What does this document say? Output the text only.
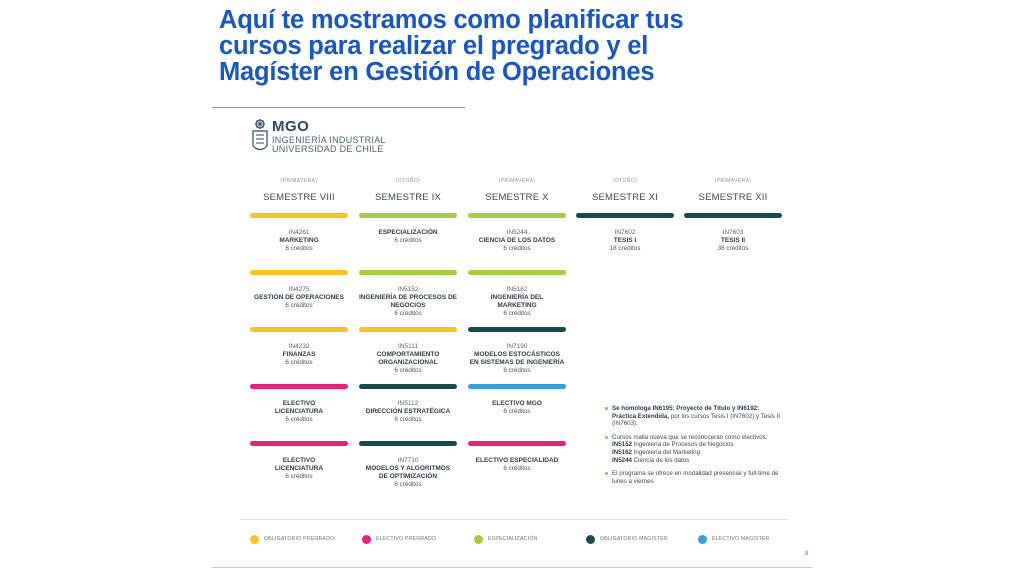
Aquí te mostramos como planificar tus
cursos para realizar el pregrado y el
Magíster en Gestión de Operaciones
MGO
INGENIERÍA INDUSTRIAL
UNIVERSIDAD DE CHILE
(PRIMAVERA)
SEMESTRE VIII
IN4261
MARKETING
6 créditos
IN4275
GESTIÓN DE OPERACIONES
6 créditos
IN4232
FINANZAS
6 créditos
ELECTIVO
LICENCIATURA
6 créditos
ELECTIVO
LICENCIATURA
6 créditos
(OTOÑO)
SEMESTRE IX
ESPECIALIZACIÓN
6 créditos
IN5152
INGENIERÍA DE PROCESOS DE
NEGOCIOS
6 créditos
IN5111
COMPORTAMIENTO
ORGANIZACIONAL
6 créditos
IN5112
DIRECCIÓN ESTRATÉGICA
6 créditos
IN7710
MODELOS Y ALGORITMOS
DE OPTIMIZACIÓN
6 créditos
(PRIMAVERA)
SEMESTRE X
IN5244
CIENCIA DE LOS DATOS
6 créditos
IN5162
INGENIERÍA DEL
MARKETING
6 créditos
IN7190
MODELOS ESTOCÁSTICOS
EN SISTEMAS DE INGENIERÍA
6 créditos
ELECTIVO MGO
6 créditos
ELECTIVO ESPECIALIDAD
6 créditos
(OTOÑO)
SEMESTRE XI
IN7602
TESIS I
18 créditos
(PRIMAVERA)
SEMESTRE XII
IN7603
TESIS II
36 créditos
Se homologa IN6195: Proyecto de Título y IN6192: Práctica Extendida, por los cursos Tesis I (IN7602) y Tesis II (IN7603).
Cursos malla nueva que se reconocerán como electivos:
IN5152 Ingeniería de Procesos de Negocios
IN5162 Ingeniería del Marketing
IN5244 Ciencia de los datos
El programa se ofrece en modalidad presencial y full-time de lunes a viernes
OBLIGATORIO PREGRADO	ELECTIVO PREGRADO	ESPECIALIZACIÓN	OBLIGATORIO MAGISTER	ELECTIVO MAGISTER
8
